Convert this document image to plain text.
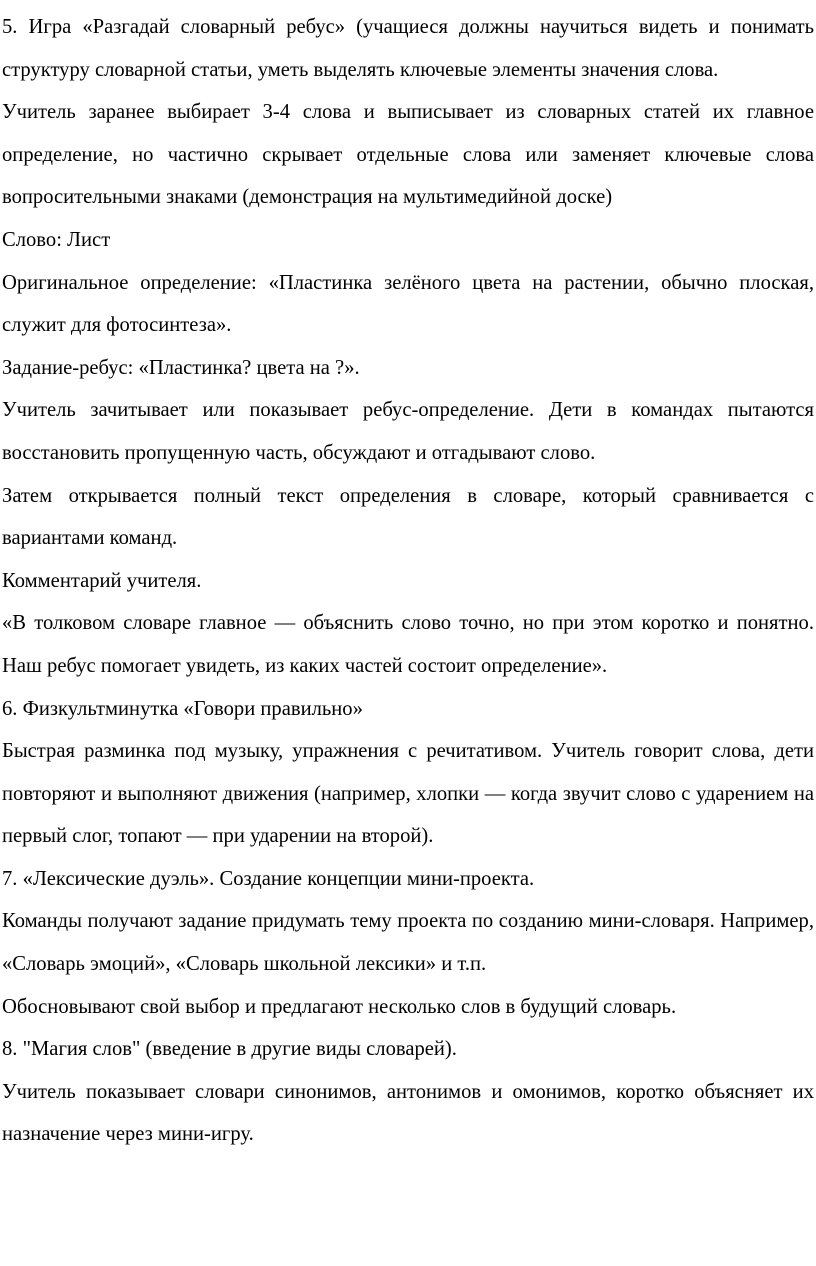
5. Игра «Разгадай словарный ребус» (учащиеся должны научиться видеть и понимать структуру словарной статьи, уметь выделять ключевые элементы значения слова.

Учитель заранее выбирает 3-4 слова и выписывает из словарных статей их главное определение, но частично скрывает отдельные слова или заменяет ключевые слова вопросительными знаками (демонстрация на мультимедийной доске)

Слово: Лист

Оригинальное определение: «Пластинка зелёного цвета на растении, обычно плоская, служит для фотосинтеза».

Задание-ребус: «Пластинка? цвета на ?».

Учитель зачитывает или показывает ребус-определение. Дети в командах пытаются восстановить пропущенную часть, обсуждают и отгадывают слово.

Затем открывается полный текст определения в словаре, который сравнивается с вариантами команд.

Комментарий учителя.

«В толковом словаре главное — объяснить слово точно, но при этом коротко и понятно. Наш ребус помогает увидеть, из каких частей состоит определение».

6. Физкультминутка «Говори правильно»

Быстрая разминка под музыку, упражнения с речитативом. Учитель говорит слова, дети повторяют и выполняют движения (например, хлопки — когда звучит слово с ударением на первый слог, топают — при ударении на второй).

7. «Лексические дуэль». Создание концепции мини-проекта.

Команды получают задание придумать тему проекта по созданию мини-словаря. Например, «Словарь эмоций», «Словарь школьной лексики» и т.п.

Обосновывают свой выбор и предлагают несколько слов в будущий словарь.

8. "Магия слов" (введение в другие виды словарей).

Учитель показывает словари синонимов, антонимов и омонимов, коротко объясняет их назначение через мини-игру.
